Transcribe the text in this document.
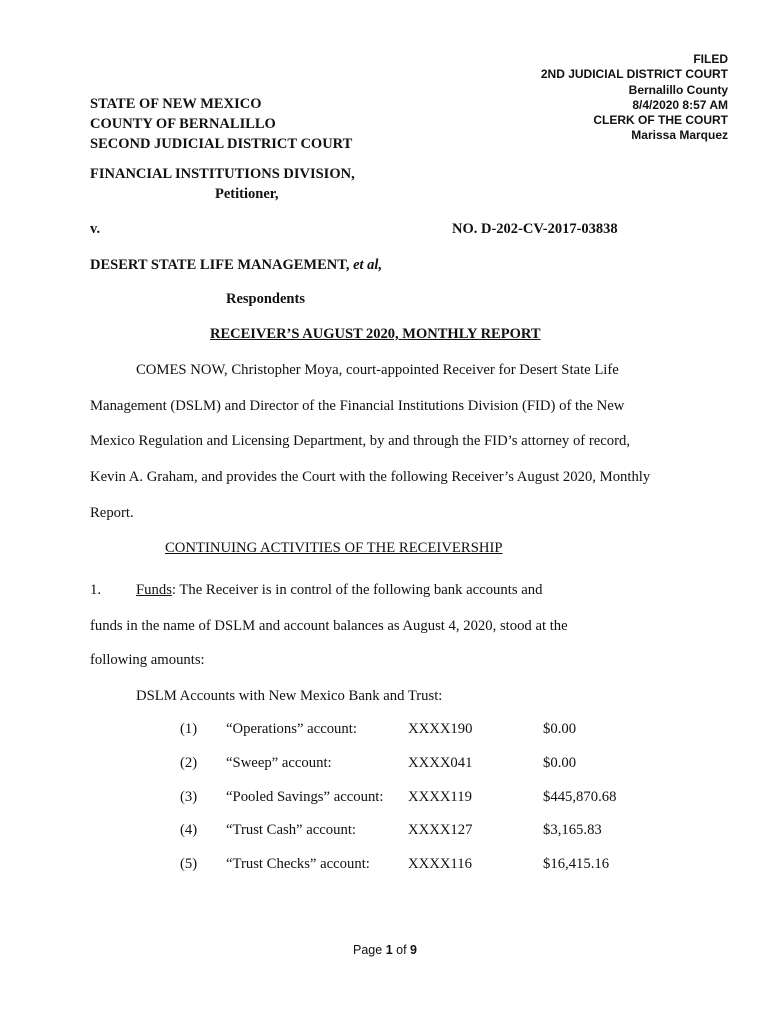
FILED
2ND JUDICIAL DISTRICT COURT
Bernalillo County
8/4/2020 8:57 AM
CLERK OF THE COURT
Marissa Marquez
STATE OF NEW MEXICO
COUNTY OF BERNALILLO
SECOND JUDICIAL DISTRICT COURT
FINANCIAL INSTITUTIONS DIVISION,
Petitioner,
v.	NO. D-202-CV-2017-03838
DESERT STATE LIFE MANAGEMENT, et al,
Respondents
RECEIVER’S AUGUST 2020, MONTHLY REPORT
COMES NOW, Christopher Moya, court-appointed Receiver for Desert State Life
Management (DSLM) and Director of the Financial Institutions Division (FID) of the New
Mexico Regulation and Licensing Department, by and through the FID’s attorney of record,
Kevin A. Graham, and provides the Court with the following Receiver’s August 2020, Monthly
Report.
CONTINUING ACTIVITIES OF THE RECEIVERSHIP
1. Funds: The Receiver is in control of the following bank accounts and
funds in the name of DSLM and account balances as August 4, 2020, stood at the
following amounts:
DSLM Accounts with New Mexico Bank and Trust:
(1) “Operations” account:	XXXX190	$0.00
(2) “Sweep” account:	XXXX041	$0.00
(3) “Pooled Savings” account: XXXX119	$445,870.68
(4) “Trust Cash” account:	XXXX127	$3,165.83
(5) “Trust Checks” account:	XXXX116	$16,415.16
Page 1 of 9
